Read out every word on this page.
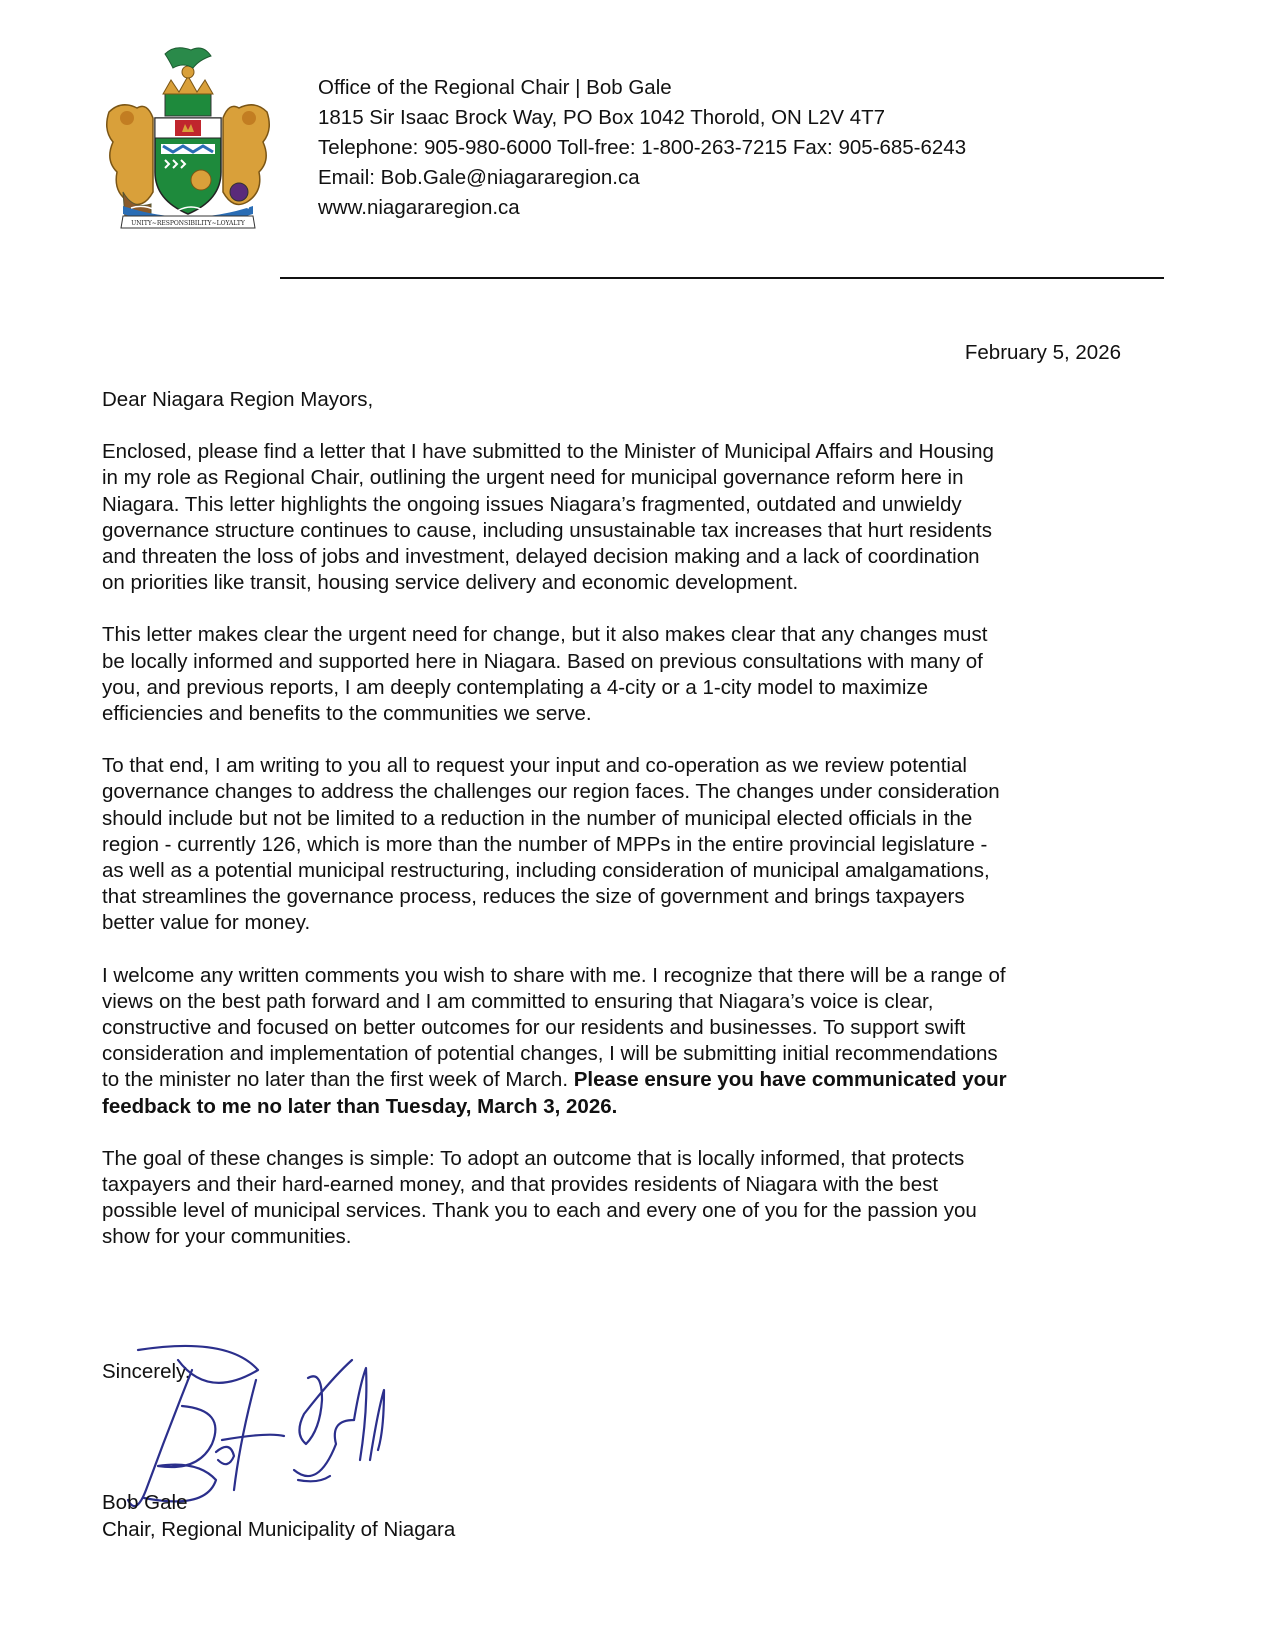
UNITY~RESPONSIBILITY~LOYALTY
Office of the Regional Chair | Bob Gale
1815 Sir Isaac Brock Way, PO Box 1042 Thorold, ON L2V 4T7
Telephone: 905-980-6000 Toll-free: 1-800-263-7215 Fax: 905-685-6243
Email: Bob.Gale@niagararegion.ca
www.niagararegion.ca
February 5, 2026

Dear Niagara Region Mayors,

Enclosed, please find a letter that I have submitted to the Minister of Municipal Affairs and Housing in my role as Regional Chair, outlining the urgent need for municipal governance reform here in Niagara. This letter highlights the ongoing issues Niagara’s fragmented, outdated and unwieldy governance structure continues to cause, including unsustainable tax increases that hurt residents and threaten the loss of jobs and investment, delayed decision making and a lack of coordination on priorities like transit, housing service delivery and economic development.

This letter makes clear the urgent need for change, but it also makes clear that any changes must be locally informed and supported here in Niagara. Based on previous consultations with many of you, and previous reports, I am deeply contemplating a 4-city or a 1-city model to maximize efficiencies and benefits to the communities we serve.

To that end, I am writing to you all to request your input and co-operation as we review potential governance changes to address the challenges our region faces. The changes under consideration should include but not be limited to a reduction in the number of municipal elected officials in the region - currently 126, which is more than the number of MPPs in the entire provincial legislature - as well as a potential municipal restructuring, including consideration of municipal amalgamations, that streamlines the governance process, reduces the size of government and brings taxpayers better value for money.

I welcome any written comments you wish to share with me. I recognize that there will be a range of views on the best path forward and I am committed to ensuring that Niagara’s voice is clear, constructive and focused on better outcomes for our residents and businesses. To support swift consideration and implementation of potential changes, I will be submitting initial recommendations to the minister no later than the first week of March. Please ensure you have communicated your feedback to me no later than Tuesday, March 3, 2026.

The goal of these changes is simple: To adopt an outcome that is locally informed, that protects taxpayers and their hard-earned money, and that provides residents of Niagara with the best possible level of municipal services. Thank you to each and every one of you for the passion you show for your communities.

Sincerely,
Bob Gale
Chair, Regional Municipality of Niagara
